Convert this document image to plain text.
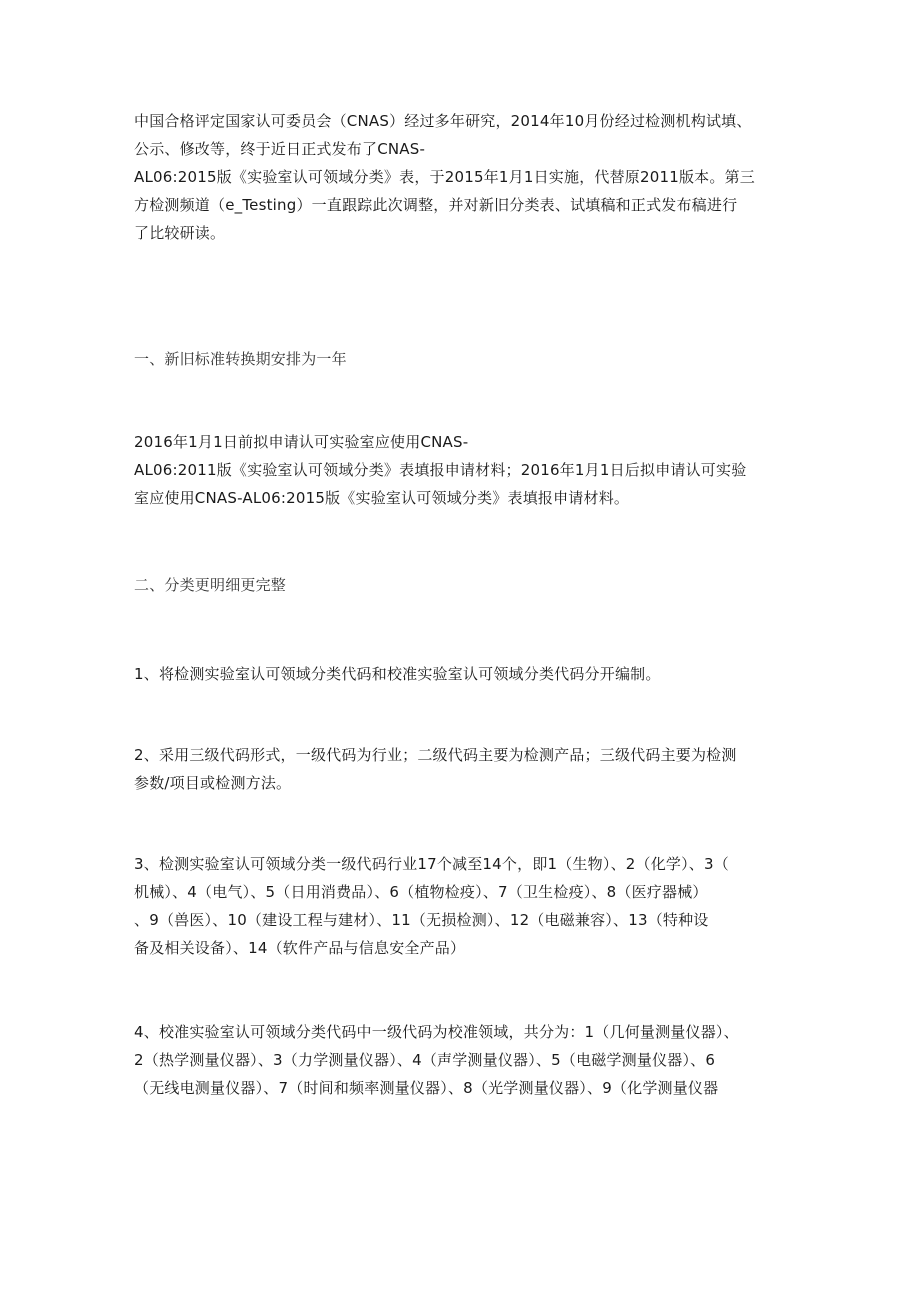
中国合格评定国家认可委员会（CNAS）经过多年研究，2014年10月份经过检测机构试填、
公示、修改等，终于近日正式发布了CNAS-
AL06:2015版《实验室认可领域分类》表，于2015年1月1日实施，代替原2011版本。第三
方检测频道（e_Testing）一直跟踪此次调整，并对新旧分类表、试填稿和正式发布稿进行
了比较研读。
一、新旧标准转换期安排为一年
2016年1月1日前拟申请认可实验室应使用CNAS-
AL06:2011版《实验室认可领域分类》表填报申请材料；2016年1月1日后拟申请认可实验
室应使用CNAS-AL06:2015版《实验室认可领域分类》表填报申请材料。
二、分类更明细更完整
1、将检测实验室认可领域分类代码和校准实验室认可领域分类代码分开编制。
2、采用三级代码形式，一级代码为行业；二级代码主要为检测产品；三级代码主要为检测
参数/项目或检测方法。
3、检测实验室认可领域分类一级代码行业17个减至14个，即1（生物）、2（化学）、3（
机械）、4（电气）、5（日用消费品）、6（植物检疫）、7（卫生检疫）、8（医疗器械）
、9（兽医）、10（建设工程与建材）、11（无损检测）、12（电磁兼容）、13（特种设
备及相关设备）、14（软件产品与信息安全产品）
4、校准实验室认可领域分类代码中一级代码为校准领域，共分为：1（几何量测量仪器）、
2（热学测量仪器）、3（力学测量仪器）、4（声学测量仪器）、5（电磁学测量仪器）、6
（无线电测量仪器）、7（时间和频率测量仪器）、8（光学测量仪器）、9（化学测量仪器
